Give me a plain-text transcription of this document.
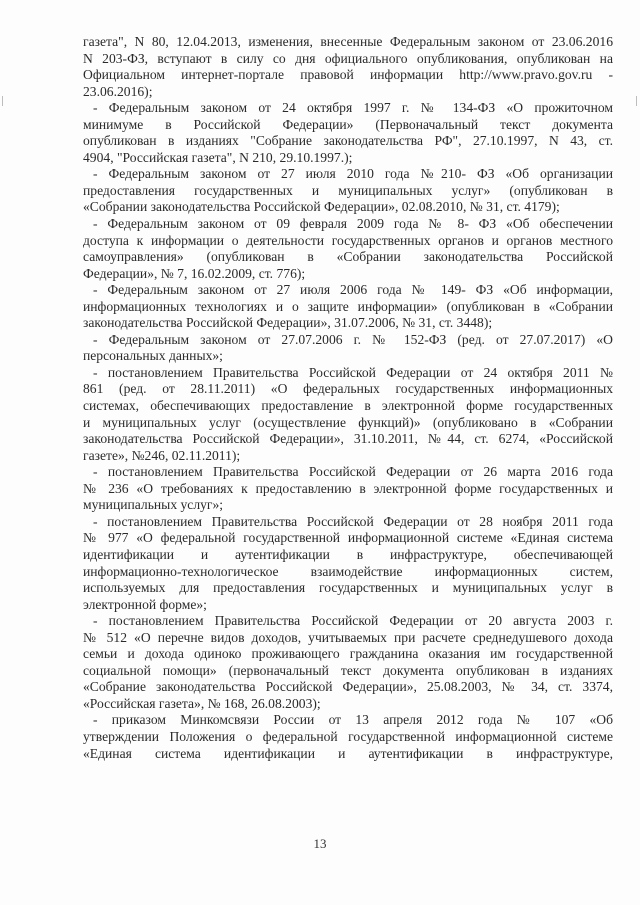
газета", N 80, 12.04.2013, изменения, внесенные Федеральным законом от 23.06.2016
N 203-ФЗ, вступают в силу со дня официального опубликования, опубликован на
Официальном интернет-портале правовой информации http://www.pravo.gov.ru -
23.06.2016);
- Федеральным законом от 24 октября 1997 г. № 134-ФЗ «О прожиточном
минимуме в Российской Федерации» (Первоначальный текст документа
опубликован в изданиях "Собрание законодательства РФ", 27.10.1997, N 43, ст.
4904, "Российская газета", N 210, 29.10.1997.);
- Федеральным законом от 27 июля 2010 года №210- ФЗ «Об организации
предоставления государственных и муниципальных услуг» (опубликован в
«Собрании законодательства Российской Федерации», 02.08.2010, № 31, ст. 4179);
- Федеральным законом от 09 февраля 2009 года № 8- ФЗ «Об обеспечении
доступа к информации о деятельности государственных органов и органов местного
самоуправления» (опубликован в «Собрании законодательства Российской
Федерации», № 7, 16.02.2009, ст. 776);
- Федеральным законом от 27 июля 2006 года № 149- ФЗ «Об информации,
информационных технологиях и о защите информации» (опубликован в «Собрании
законодательства Российской Федерации», 31.07.2006, № 31, ст. 3448);
- Федеральным законом от 27.07.2006 г. № 152-ФЗ (ред. от 27.07.2017) «О
персональных данных»;
- постановлением Правительства Российской Федерации от 24 октября 2011 №
861 (ред. от 28.11.2011) «О федеральных государственных информационных
системах, обеспечивающих предоставление в электронной форме государственных
и муниципальных услуг (осуществление функций)» (опубликовано в «Собрании
законодательства Российской Федерации», 31.10.2011, №44, ст. 6274, «Российской
газете», №246, 02.11.2011);
- постановлением Правительства Российской Федерации от 26 марта 2016 года
№ 236 «О требованиях к предоставлению в электронной форме государственных и
муниципальных услуг»;
- постановлением Правительства Российской Федерации от 28 ноября 2011 года
№ 977 «О федеральной государственной информационной системе «Единая система
идентификации и аутентификации в инфраструктуре, обеспечивающей
информационно-технологическое взаимодействие информационных систем,
используемых для предоставления государственных и муниципальных услуг в
электронной форме»;
- постановлением Правительства Российской Федерации от 20 августа 2003 г.
№ 512 «О перечне видов доходов, учитываемых при расчете среднедушевого дохода
семьи и дохода одиноко проживающего гражданина оказания им государственной
социальной помощи» (первоначальный текст документа опубликован в изданиях
«Собрание законодательства Российской Федерации», 25.08.2003, № 34, ст. 3374,
«Российская газета», № 168, 26.08.2003);
- приказом Минкомсвязи России от 13 апреля 2012 года № 107 «Об
утверждении Положения о федеральной государственной информационной системе
«Единая система идентификации и аутентификации в инфраструктуре,
13
